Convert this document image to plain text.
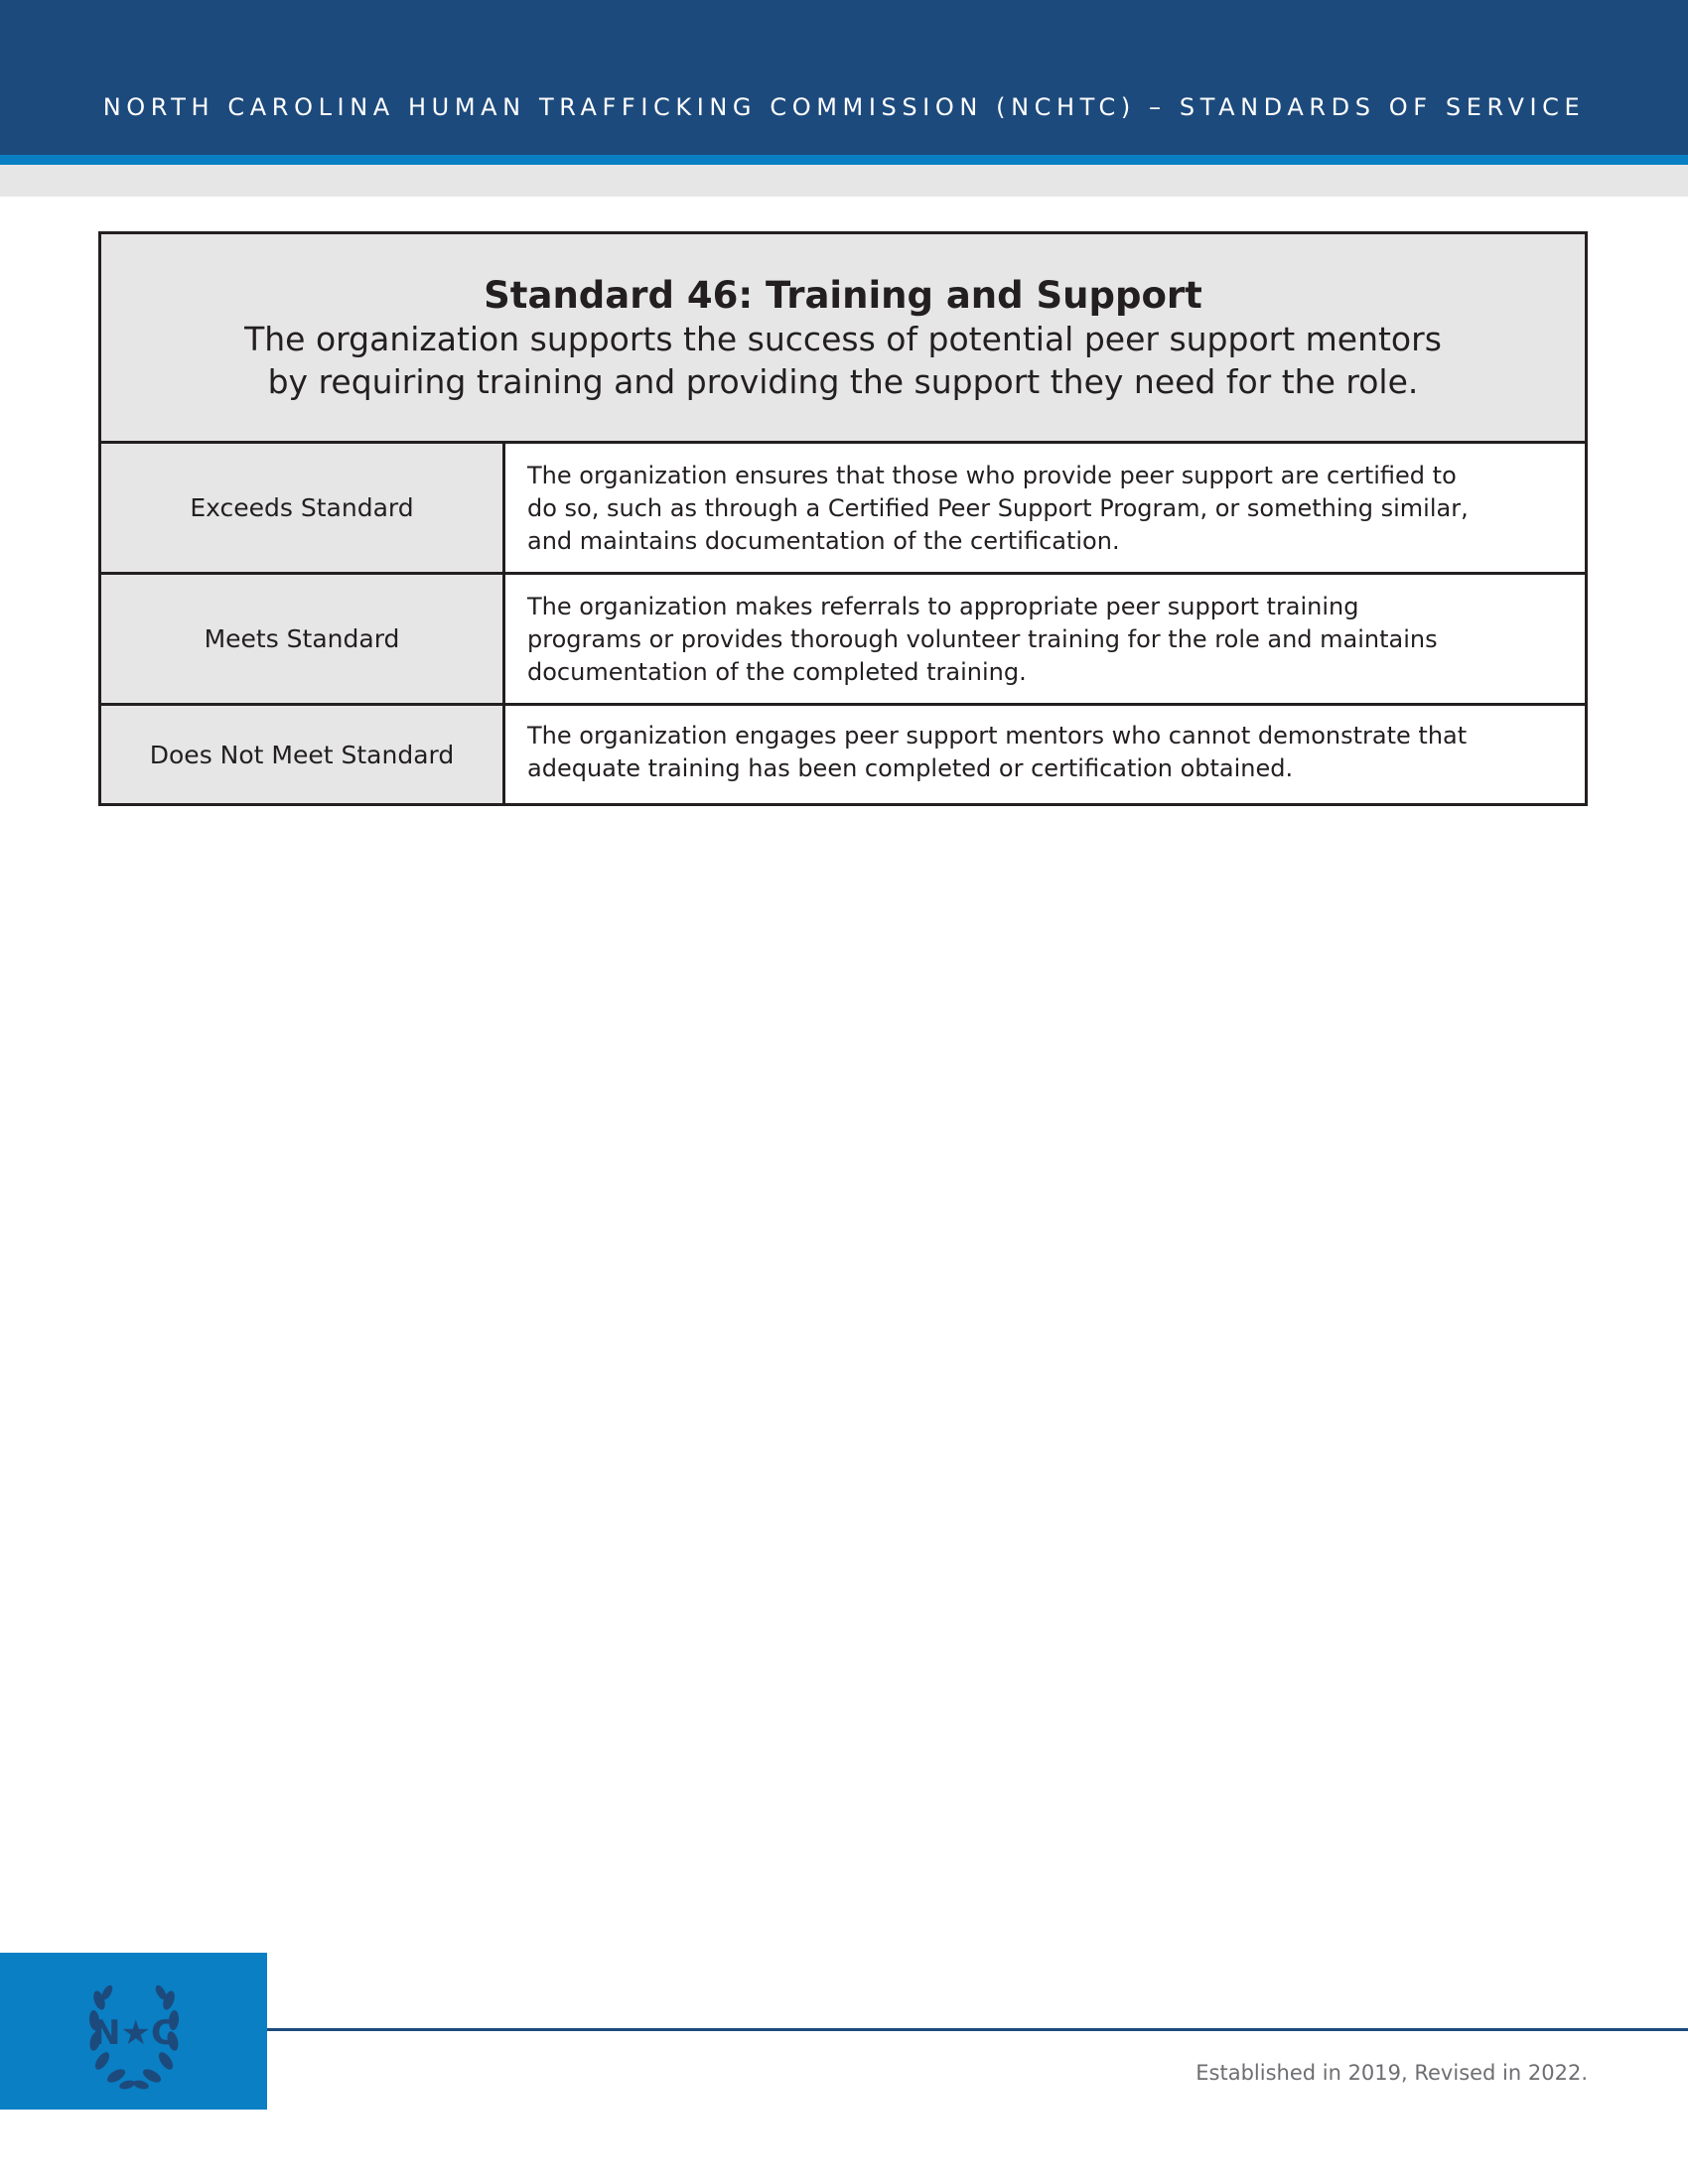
NORTH CAROLINA HUMAN TRAFFICKING COMMISSION (NCHTC) – STANDARDS OF SERVICE
Standard 46: Training and Support
The organization supports the success of potential peer support mentors
by requiring training and providing the support they need for the role.
Exceeds Standard
The organization ensures that those who provide peer support are certified to
do so, such as through a Certified Peer Support Program, or something similar,
and maintains documentation of the certification.
Meets Standard
The organization makes referrals to appropriate peer support training
programs or provides thorough volunteer training for the role and maintains
documentation of the completed training.
Does Not Meet Standard
The organization engages peer support mentors who cannot demonstrate that
adequate training has been completed or certification obtained.
N★C
Established in 2019, Revised in 2022.
